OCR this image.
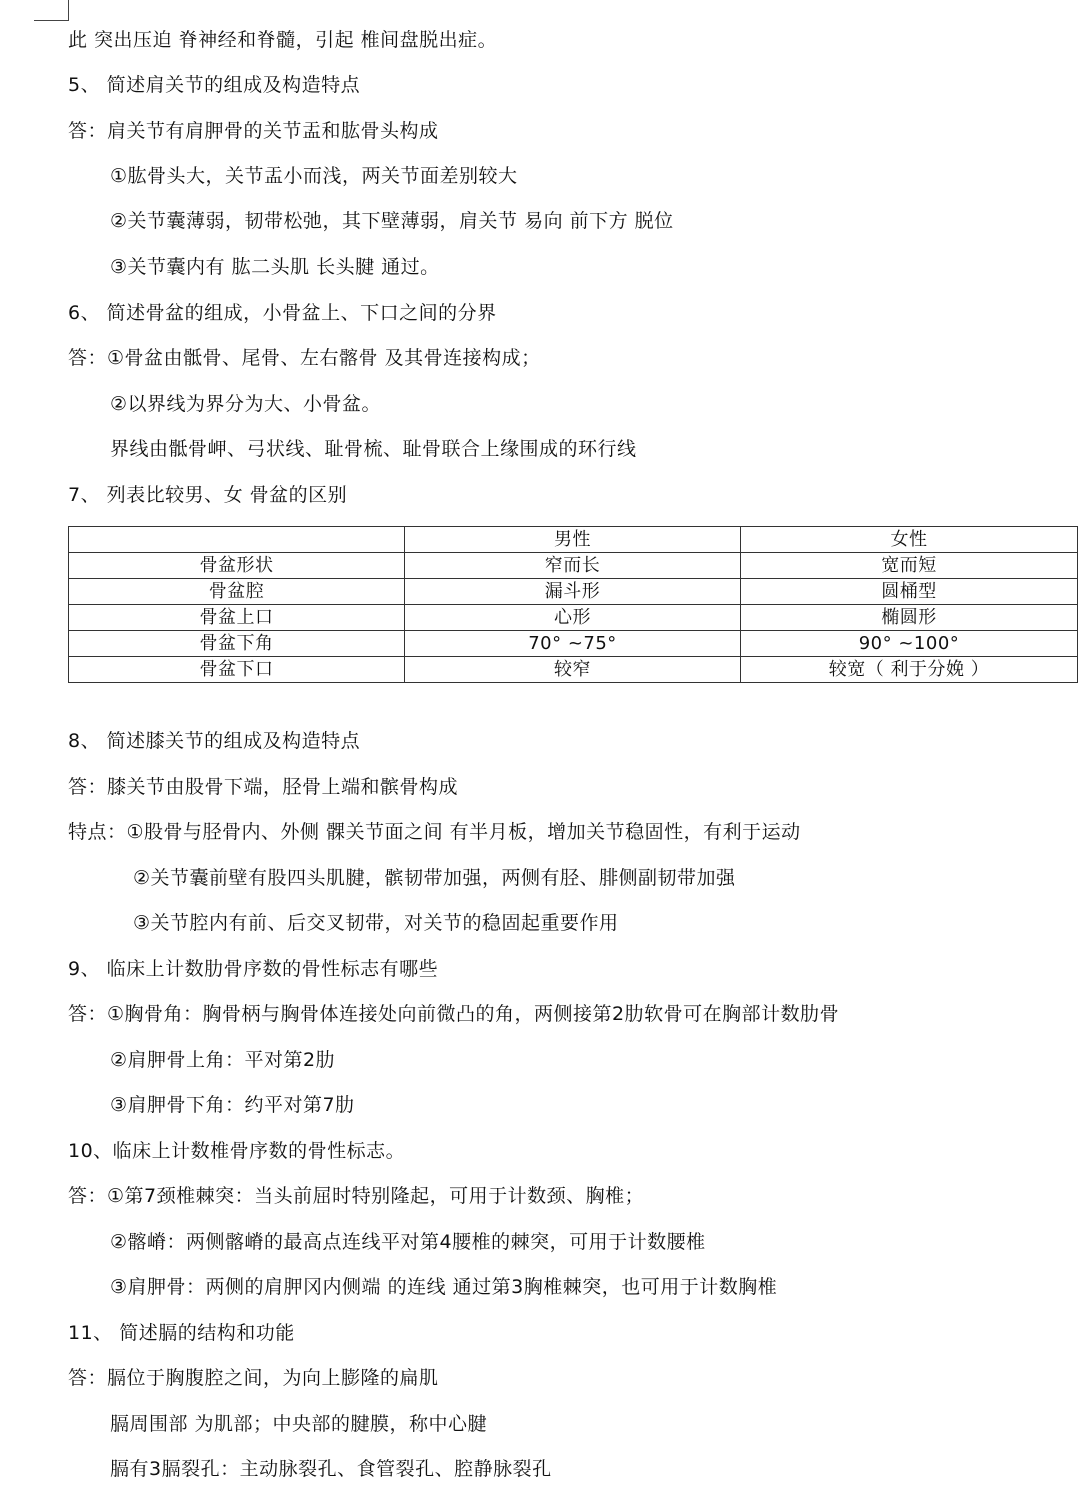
此 突出压迫 脊神经和脊髓，引起 椎间盘脱出症。
5、 简述肩关节的组成及构造特点
答：肩关节有肩胛骨的关节盂和肱骨头构成
①肱骨头大，关节盂小而浅，两关节面差别较大
②关节囊薄弱，韧带松弛，其下壁薄弱，肩关节 易向 前下方 脱位
③关节囊内有 肱二头肌 长头腱 通过。
6、 简述骨盆的组成，小骨盆上、下口之间的分界
答：①骨盆由骶骨、尾骨、左右髂骨 及其骨连接构成；
②以界线为界分为大、小骨盆。
界线由骶骨岬、弓状线、耻骨梳、耻骨联合上缘围成的环行线
7、 列表比较男、女 骨盆的区别
	男性	女性
骨盆形状	窄而长	宽而短
骨盆腔	漏斗形	圆桶型
骨盆上口	心形	椭圆形
骨盆下角	70° ~75°	90° ~100°
骨盆下口	较窄	较宽（ 利于分娩 ）
8、 简述膝关节的组成及构造特点
答：膝关节由股骨下端，胫骨上端和髌骨构成
特点：①股骨与胫骨内、外侧 髁关节面之间 有半月板，增加关节稳固性，有利于运动
②关节囊前壁有股四头肌腱，髌韧带加强，两侧有胫、腓侧副韧带加强
③关节腔内有前、后交叉韧带，对关节的稳固起重要作用
9、 临床上计数肋骨序数的骨性标志有哪些
答：①胸骨角：胸骨柄与胸骨体连接处向前微凸的角，两侧接第2肋软骨可在胸部计数肋骨
②肩胛骨上角：平对第2肋
③肩胛骨下角：约平对第7肋
10、临床上计数椎骨序数的骨性标志。
答：①第7颈椎棘突：当头前屈时特别隆起，可用于计数颈、胸椎；
②髂嵴：两侧髂嵴的最高点连线平对第4腰椎的棘突，可用于计数腰椎
③肩胛骨：两侧的肩胛冈内侧端 的连线 通过第3胸椎棘突，也可用于计数胸椎
11、 简述膈的结构和功能
答：膈位于胸腹腔之间，为向上膨隆的扁肌
膈周围部 为肌部；中央部的腱膜，称中心腱
膈有3膈裂孔：主动脉裂孔、食管裂孔、腔静脉裂孔
